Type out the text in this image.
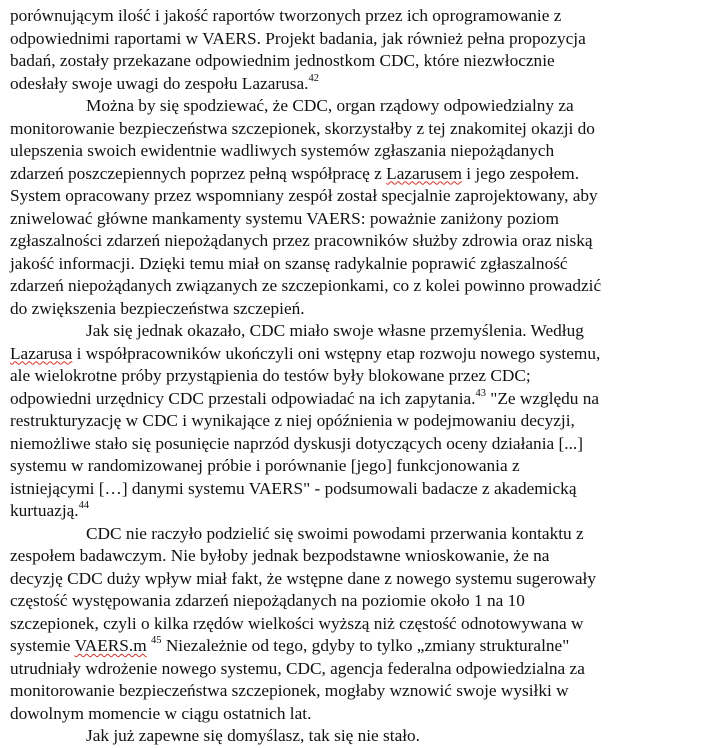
porównującym ilość i jakość raportów tworzonych przez ich oprogramowanie z
odpowiednimi raportami w VAERS. Projekt badania, jak również pełna propozycja
badań, zostały przekazane odpowiednim jednostkom CDC, które niezwłocznie
odesłały swoje uwagi do zespołu Lazarusa.$^{42}$
Można by się spodziewać, że CDC, organ rządowy odpowiedzialny za
monitorowanie bezpieczeństwa szczepionek, skorzystałby z tej znakomitej okazji do
ulepszenia swoich ewidentnie wadliwych systemów zgłaszania niepożądanych
zdarzeń poszczepiennych poprzez pełną współpracę z Lazarusem i jego zespołem.
System opracowany przez wspomniany zespół został specjalnie zaprojektowany, aby
zniwelować główne mankamenty systemu VAERS: poważnie zaniżony poziom
zgłaszalności zdarzeń niepożądanych przez pracowników służby zdrowia oraz niską
jakość informacji. Dzięki temu miał on szansę radykalnie poprawić zgłaszalność
zdarzeń niepożądanych związanych ze szczepionkami, co z kolei powinno prowadzić
do zwiększenia bezpieczeństwa szczepień.
Jak się jednak okazało, CDC miało swoje własne przemyślenia. Według
Lazarusa i współpracowników ukończyli oni wstępny etap rozwoju nowego systemu,
ale wielokrotne próby przystąpienia do testów były blokowane przez CDC;
odpowiedni urzędnicy CDC przestali odpowiadać na ich zapytania.$^{43}$ "Ze względu na
restrukturyzację w CDC i wynikające z niej opóźnienia w podejmowaniu decyzji,
niemożliwe stało się posunięcie naprzód dyskusji dotyczących oceny działania [...]
systemu w randomizowanej próbie i porównanie [jego] funkcjonowania z
istniejącymi […] danymi systemu VAERS" - podsumowali badacze z akademicką
kurtuazją.$^{44}$
CDC nie raczyło podzielić się swoimi powodami przerwania kontaktu z
zespołem badawczym. Nie byłoby jednak bezpodstawne wnioskowanie, że na
decyzję CDC duży wpływ miał fakt, że wstępne dane z nowego systemu sugerowały
częstość występowania zdarzeń niepożądanych na poziomie około 1 na 10
szczepionek, czyli o kilka rzędów wielkości wyższą niż częstość odnotowywana w
systemie VAERS.m $^{45}$ Niezależnie od tego, gdyby to tylko „zmiany strukturalne"
utrudniały wdrożenie nowego systemu, CDC, agencja federalna odpowiedzialna za
monitorowanie bezpieczeństwa szczepionek, mogłaby wznowić swoje wysiłki w
dowolnym momencie w ciągu ostatnich lat.
Jak już zapewne się domyślasz, tak się nie stało.
